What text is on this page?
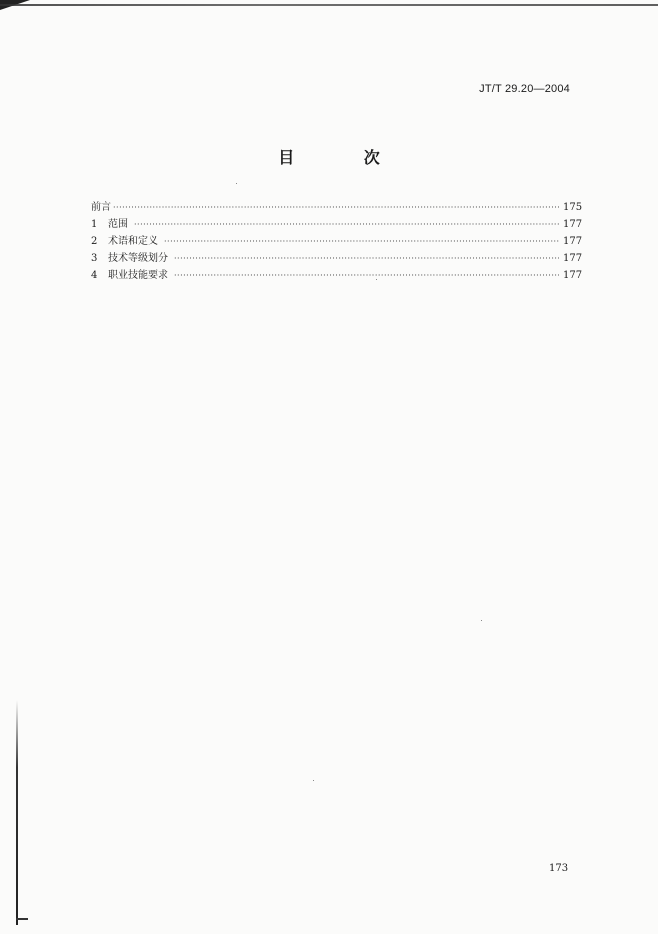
JT/T 29.20—2004
目 次
前言 ·····	175
1	范围 ·····	177
2	术语和定义 ·····	177
3	技术等级划分 ·····	177
4	职业技能要求 ·····	177
173
